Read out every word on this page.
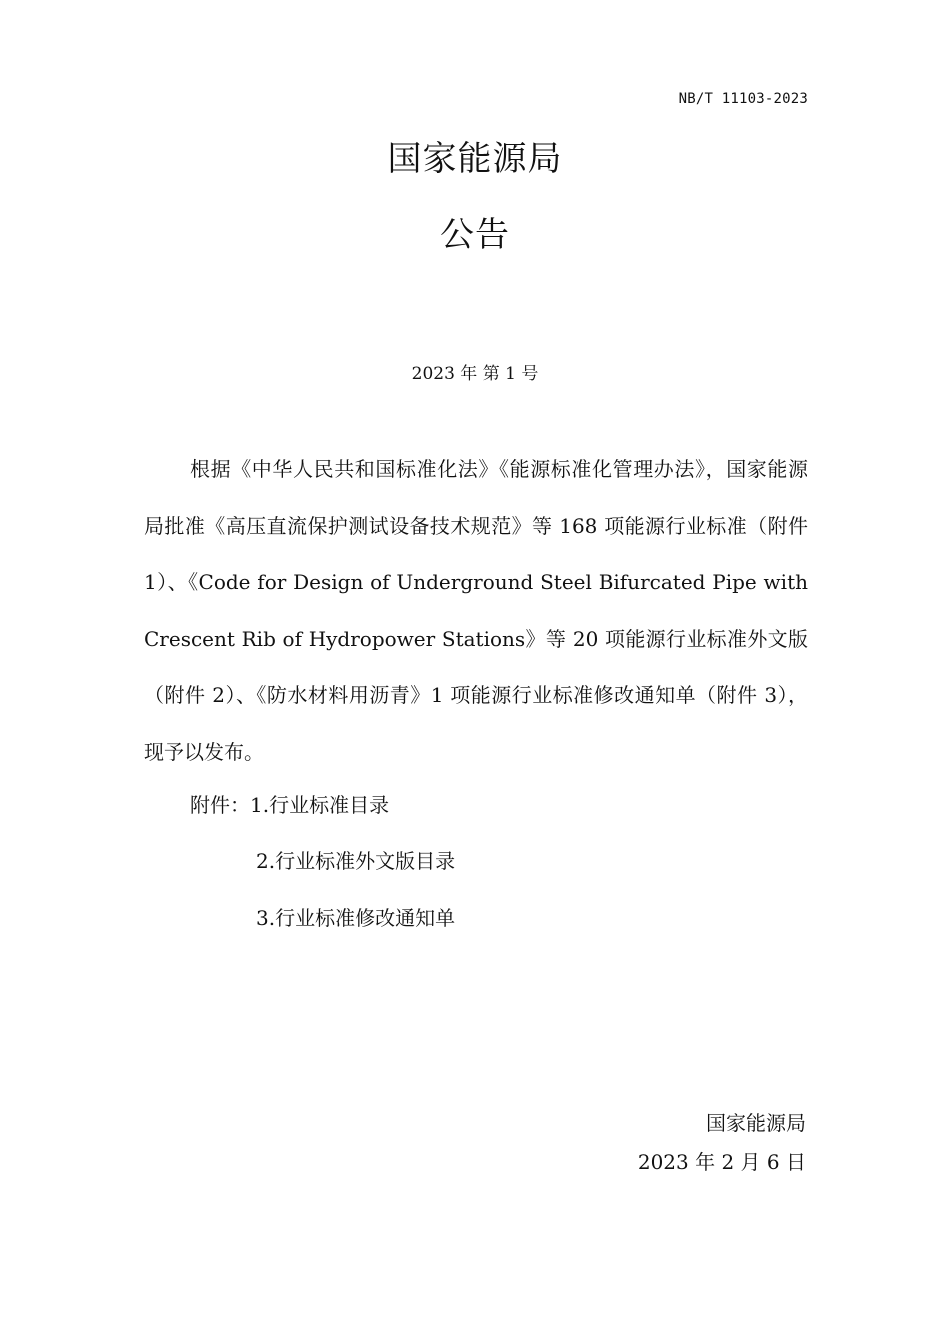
NB/T 11103-2023
国家能源局
公告
2023 年 第 1 号

根据《中华人民共和国标准化法》《能源标准化管理办法》，国家能源局批准《高压直流保护测试设备技术规范》等 168 项能源行业标准（附件 1）、《Code for Design of Underground Steel Bifurcated Pipe with Crescent Rib of Hydropower Stations》等 20 项能源行业标准外文版（附件 2）、《防水材料用沥青》1 项能源行业标准修改通知单（附件 3），现予以发布。

附件： 1.行业标准目录
2.行业标准外文版目录
3.行业标准修改通知单
国家能源局
2023 年 2 月 6 日
